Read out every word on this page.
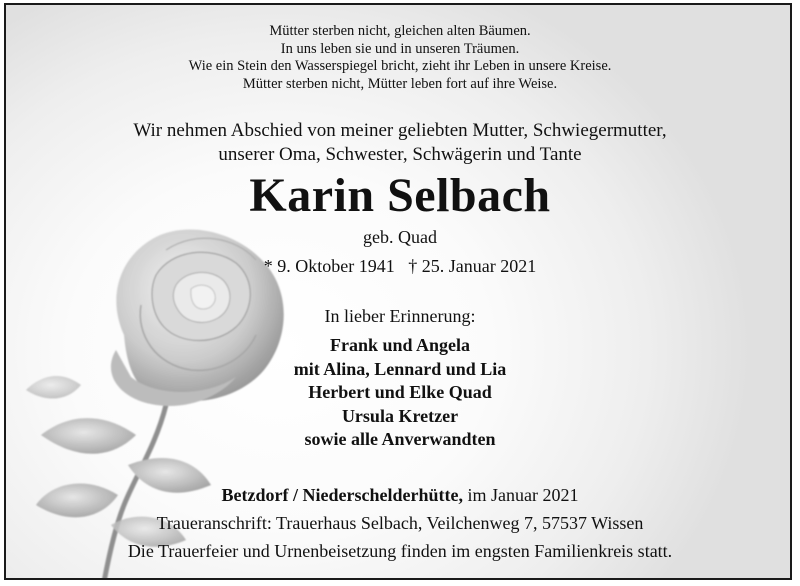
Mütter sterben nicht, gleichen alten Bäumen.
In uns leben sie und in unseren Träumen.
Wie ein Stein den Wasserspiegel bricht, zieht ihr Leben in unsere Kreise.
Mütter sterben nicht, Mütter leben fort auf ihre Weise.
Wir nehmen Abschied von meiner geliebten Mutter, Schwiegermutter,
unserer Oma, Schwester, Schwägerin und Tante
Karin Selbach
geb. Quad
* 9. Oktober 1941   † 25. Januar 2021
In lieber Erinnerung:
Frank und Angela
mit Alina, Lennard und Lia
Herbert und Elke Quad
Ursula Kretzer
sowie alle Anverwandten
Betzdorf / Niederschelderhütte, im Januar 2021
Traueranschrift: Trauerhaus Selbach, Veilchenweg 7, 57537 Wissen
Die Trauerfeier und Urnenbeisetzung finden im engsten Familienkreis statt.
